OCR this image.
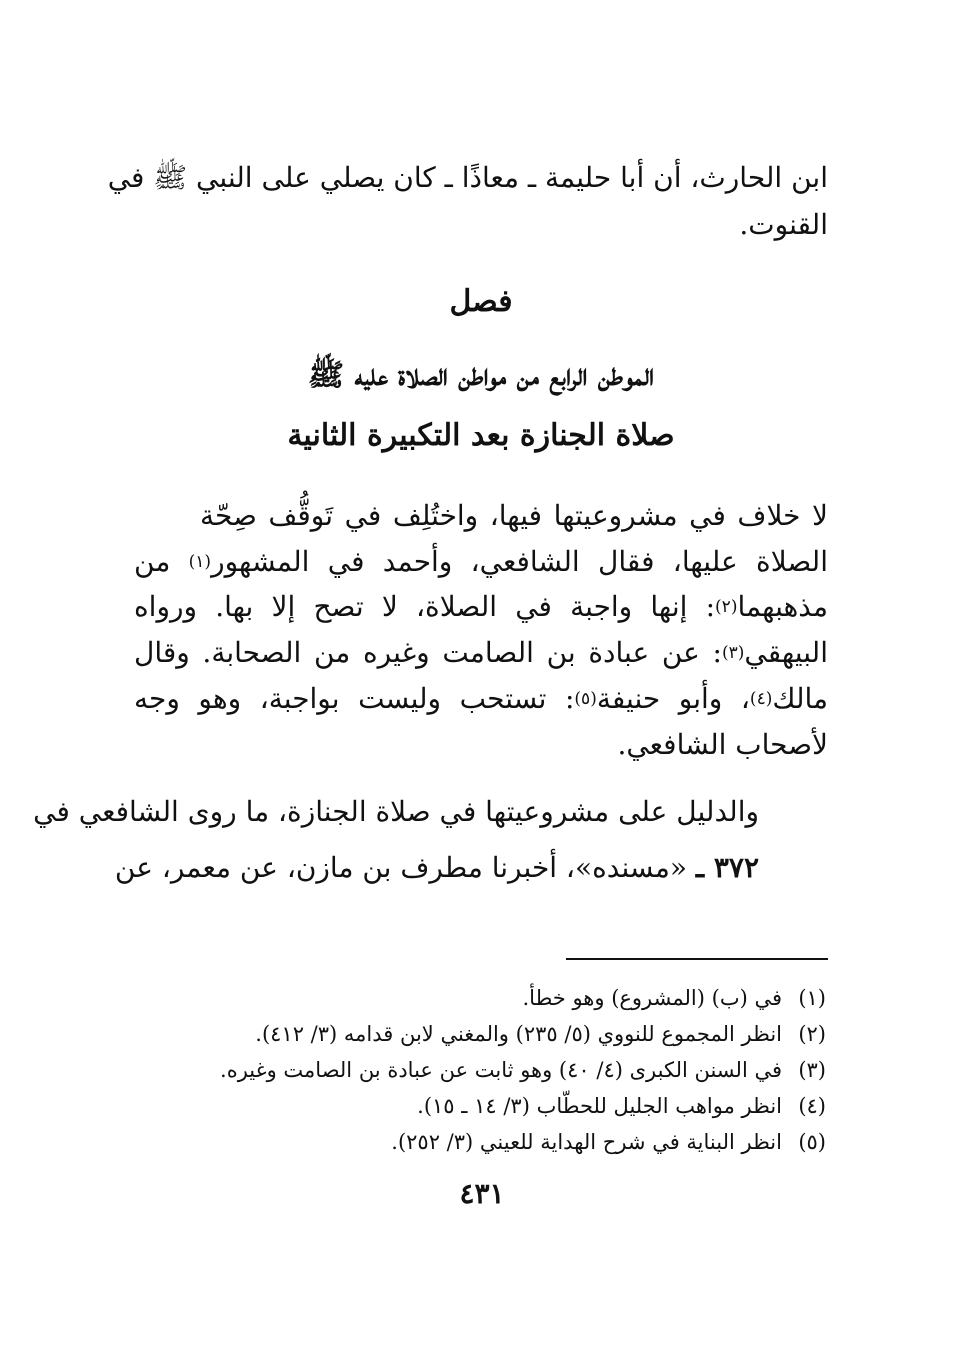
ابن الحارث، أن أبا حليمة ـ معاذًا ـ كان يصلي على النبي ﷺ في
القنوت.
فصل
الموطن الرابع من مواطن الصلاة عليه ﷺ
صلاة الجنازة بعد التكبيرة الثانية
لا خلاف في مشروعيتها فيها، واختُلِف في تَوقُّف صِحّة
الصلاة عليها، فقال الشافعي، وأحمد في المشهور$^{(١)}$ من
مذهبهما$^{(٢)}$: إنها واجبة في الصلاة، لا تصح إلا بها. ورواه
البيهقي$^{(٣)}$: عن عبادة بن الصامت وغيره من الصحابة. وقال
مالك$^{(٤)}$، وأبو حنيفة$^{(٥)}$: تستحب وليست بواجبة، وهو وجه
لأصحاب الشافعي.
والدليل على مشروعيتها في صلاة الجنازة، ما روى الشافعي في
٣٧٢ ـ «مسنده»، أخبرنا مطرف بن مازن، عن معمر، عن
(١)في (ب) (المشروع) وهو خطأ.
(٢)انظر المجموع للنووي (٥/ ٢٣٥) والمغني لابن قدامه (٣/ ٤١٢).
(٣)في السنن الكبرى (٤/ ٤٠) وهو ثابت عن عبادة بن الصامت وغيره.
(٤)انظر مواهب الجليل للحطّاب (٣/ ١٤ ـ ١٥).
(٥)انظر البناية في شرح الهداية للعيني (٣/ ٢٥٢).
٤٣١
